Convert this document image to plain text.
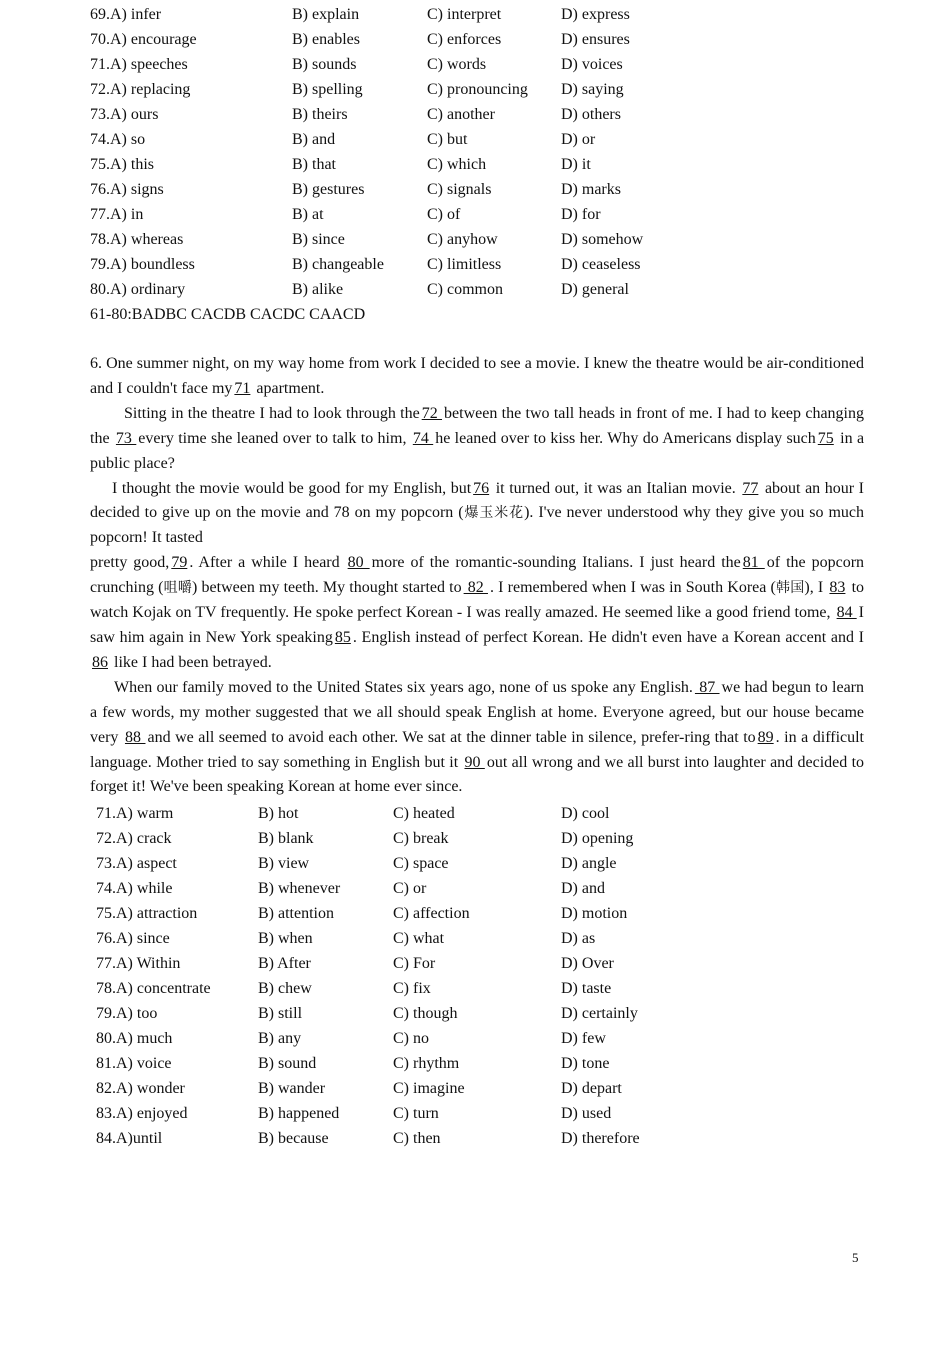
69.A) infer	B) explain	C) interpret	D) express
70.A) encourage	B) enables	C) enforces	D) ensures
71.A) speeches	B) sounds	C) words	D) voices
72.A) replacing	B) spelling	C) pronouncing D) saying
73.A) ours	B) theirs	C) another	D) others
74.A) so	B) and	C) but	D) or
75.A) this	B) that	C) which	D) it
76.A) signs	B) gestures	C) signals	D) marks
77.A) in	B) at	C) of	D) for
78.A) whereas	B) since	C) anyhow	D) somehow
79.A) boundless	B) changeable	C) limitless	D) ceaseless
80.A) ordinary	B) alike	C) common	D) general
61-80:BADBC CACDB CACDC CAACD

6. One summer night, on my way home from work I decided to see a movie. I knew the theatre would be air-conditioned and I couldn't face my 71 apartment.

Sitting in the theatre I had to look through the 72 between the two tall heads in front of me. I had to keep changing the 73 every time she leaned over to talk to him, 74 he leaned over to kiss her. Why do Americans display such 75 in a public place?

I thought the movie would be good for my English, but 76 it turned out, it was an Italian movie. 77 about an hour I decided to give up on the movie and 78 on my popcorn (爆玉米花). I've never understood why they give you so much popcorn! It tasted

pretty good, 79 . After a while I heard 80 more of the romantic-sounding Italians. I just heard the 81 of the popcorn crunching (咀嚼) between my teeth. My thought started to 82 . I remembered when I was in South Korea (韩国), I 83 to watch Kojak on TV frequently. He spoke perfect Korean - I was really amazed. He seemed like a good friend tome, 84 I saw him again in New York speaking 85 . English instead of perfect Korean. He didn't even have a Korean accent and I 86 like I had been betrayed.

When our family moved to the United States six years ago, none of us spoke any English. 87 we had begun to learn a few words, my mother suggested that we all should speak English at home. Everyone agreed, but our house became very 88 and we all seemed to avoid each other. We sat at the dinner table in silence, prefer-ring that to 89 . in a difficult language. Mother tried to say something in English but it 90 out all wrong and we all burst into laughter and decided to forget it! We've been speaking Korean at home ever since.

71.A) warm	B) hot	C) heated	D) cool
72.A) crack	B) blank	C) break	D) opening
73.A) aspect	B) view	C) space	D) angle
74.A) while	B) whenever	C) or	D) and
75.A) attraction	B) attention	C) affection	D) motion
76.A) since	B) when	C) what	D) as
77.A) Within	B) After	C) For	D) Over
78.A) concentrate	B) chew	C) fix	D) taste
79.A) too	B) still	C) though	D) certainly
80.A) much	B) any	C) no	D) few
81.A) voice	B) sound	C) rhythm	D) tone
82.A) wonder	B) wander	C) imagine	D) depart
83.A) enjoyed	B) happened	C) turn	D) used
84.A)until	B) because	C) then	D) therefore
5
